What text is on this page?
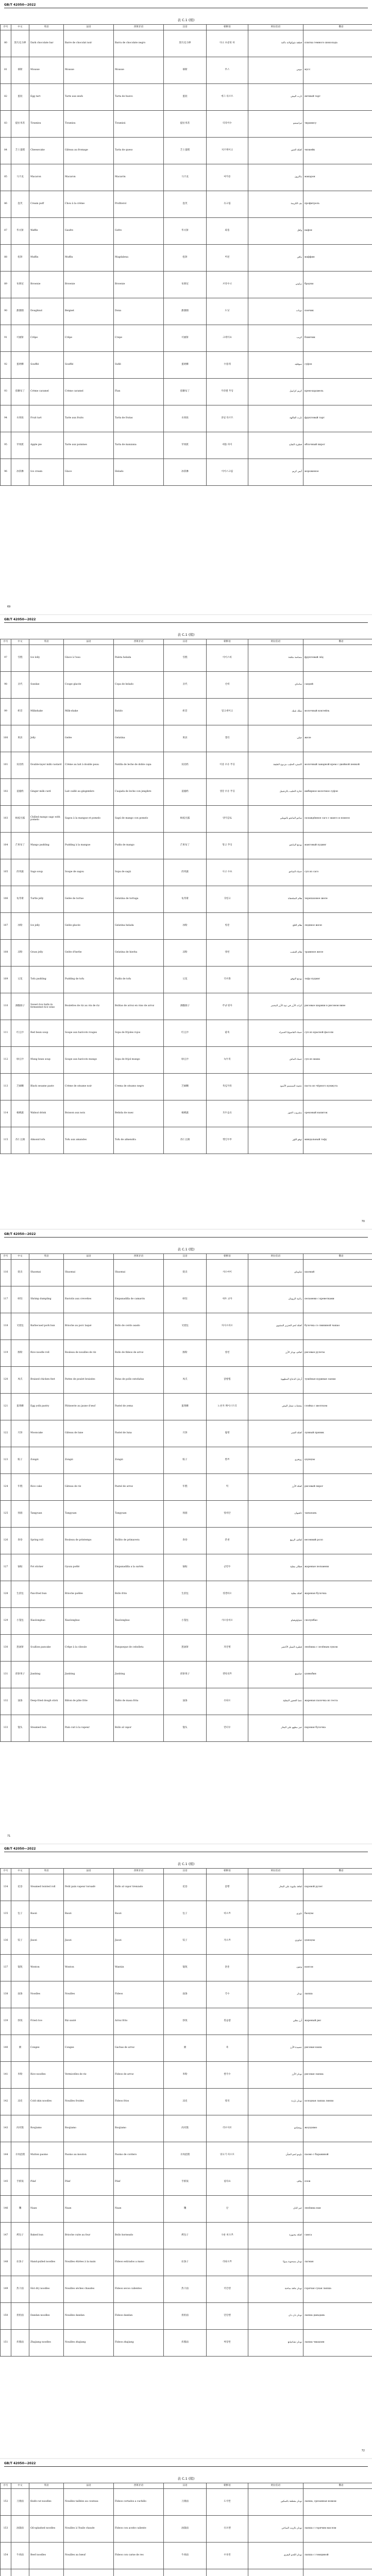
GB/T 42050—2022
表 C.1 (续)
序号	中文	英语	法语	西班牙语	汉语	朝鲜语	阿拉伯语	俄语
80	黑巧克力棒	Dark chocolate bar	Barre de chocolat noir	Barra de chocolate negro	黑巧克力棒	다크 초콜릿 바	قطعة شوكولاتة داكنة	плитка темного шоколада
81	慕斯	Mousse	Mousse	Mousse	慕斯	무스	موس	мусс
82	蛋挞	Egg tart	Tarte aux œufs	Tarta de huevo	蛋挞	에그 타르트	تارت البيض	яичный тарт
83	提拉米苏	Tiramisu	Tiramisu	Tiramisú	提拉米苏	티라미수	تيراميسو	тирамису
84	芝士蛋糕	Cheesecake	Gâteau au fromage	Tarta de queso	芝士蛋糕	치즈케이크	كعكة الجبن	чизкейк
85	马卡龙	Macaron	Macaron	Macarón	马卡龙	마카롱	ماكرون	макарон
86	泡芙	Cream puff	Chou à la crème	Profiterol	泡芙	슈크림	بف الكريمة	профитроль
87	华夫饼	Waffle	Gaufre	Gofre	华夫饼	와플	وافل	вафля
88	松饼	Muffin	Muffin	Magdalena	松饼	머핀	مافن	маффин
89	布朗尼	Brownie	Brownie	Brownie	布朗尼	브라우니	براوني	брауни
90	甜甜圈	Doughnut	Beignet	Dona	甜甜圈	도넛	دونات	пончик
91	可丽饼	Crêpe	Crêpe	Crepe	可丽饼	크레이프	كريب	блинчик
92	蛋奶酥	Soufflé	Soufflé	Suflé	蛋奶酥	수플레	سوفليه	суфле
93	焦糖布丁	Crème caramel	Crème caramel	Flan	焦糖布丁	카라멜 푸딩	كريم كراميل	крем-карамель
94	水果挞	Fruit tart	Tarte aux fruits	Tarta de frutas	水果挞	과일 타르트	تارت الفاكهة	фруктовый тарт
95	苹果派	Apple pie	Tarte aux pommes	Tarta de manzana	苹果派	애플 파이	فطيرة التفاح	яблочный пирог
96	冰淇淋	Ice cream	Glace	Helado	冰淇淋	아이스크림	آيس كريم	мороженое
69
GB/T 42050—2022
表 C.1 (续)
序号	中文	英语	法语	西班牙语	汉语	朝鲜语	阿拉伯语	俄语
97	雪糕	Ice lolly	Glace à l'eau	Paleta helada	雪糕	아이스바	مصاصة مثلجة	фруктовый лёд
98	圣代	Sundae	Coupe glacée	Copa de helado	圣代	선데	سانداي	сандей
99	奶昔	Milkshake	Milk-shake	Batido	奶昔	밀크셰이크	ميلك شيك	молочный коктейль
100	果冻	Jelly	Gelée	Gelatina	果冻	젤리	جيلي	желе
101	双皮奶	Double-layer milk custard	Crème au lait à double peau	Natilla de leche de doble capa	双皮奶	이중 우유 푸딩	كاسترد الحليب مزدوج الطبقة	молочный заварной крем с двойной пенкой
102	姜撞奶	Ginger milk curd	Lait caillé au gingembre	Cuajada de leche con jengibre	姜撞奶	생강 우유 푸딩	خثارة الحليب بالزنجبيل	имбирное молочное суфле
103	杨枝甘露	Chilled mango sago with pomelo	Sagou à la mangue et pomelo	Sagú de mango con pomelo	杨枝甘露	양지감로	ساجو المانجو بالبوملي	охлаждённое саго с манго и помело
104	芒果布丁	Mango pudding	Pudding à la mangue	Pudín de mango	芒果布丁	망고 푸딩	بودنغ المانجو	манговый пудинг
105	西米露	Sago soup	Soupe de sagou	Sopa de sagú	西米露	사고 수프	حساء الساجو	суп из саго
106	龟苓膏	Turtle jelly	Gelée de tortue	Gelatina de tortuga	龟苓膏	귀령고	هلام السلحفاة	черепаховое желе
107	冰粉	Ice jelly	Gelée glacée	Gelatina helada	冰粉	빙분	هلام الثلج	ледяное желе
108	凉粉	Grass jelly	Gelée d'herbe	Gelatina de hierba	凉粉	양펀	هلام العشب	травяное желе
109	豆花	Tofu pudding	Pudding de tofu	Pudín de tofu	豆花	더우화	بودنغ التوفو	тофу-пудинг
110	酒酿圆子	Sweet rice balls in fermented rice wine	Boulettes de riz au vin de riz	Bolitas de arroz en vino de arroz	酒酿圆子	주냥 원자	كرات الأرز في نبيذ الأرز المخمر	рисовые шарики в рисовом вине
111	红豆沙	Red bean soup	Soupe aux haricots rouges	Sopa de frijoles rojos	红豆沙	팥죽	حساء الفاصوليا الحمراء	суп из красной фасоли
112	绿豆沙	Mung bean soup	Soupe aux haricots mungo	Sopa de frijol mungo	绿豆沙	녹두죽	حساء الماش	суп из маша
113	芝麻糊	Black sesame paste	Crème de sésame noir	Crema de sésamo negro	芝麻糊	흑임자죽	عجينة السمسم الأسود	паста из чёрного кунжута
114	核桃露	Walnut drink	Boisson aux noix	Bebida de nuez	核桃露	호두음료	مشروب الجوز	ореховый напиток
115	杏仁豆腐	Almond tofu	Tofu aux amandes	Tofu de almendra	杏仁豆腐	행인두부	توفو اللوز	миндальный тофу
70
GB/T 42050—2022
表 C.1 (续)
序号	中文	英语	法语	西班牙语	汉语	朝鲜语	阿拉伯语	俄语
116	烧卖	Shaomai	Shaomai	Shaomai	烧卖	샤오마이	شاوماي	шаомай
117	虾饺	Shrimp dumpling	Raviolis aux crevettes	Empanadilla de camarón	虾饺	새우 교자	زلابية الروبيان	пельмени с креветками
118	叉烧包	Barbecued pork bun	Brioche au porc laqué	Bollo de cerdo asado	叉烧包	차사오바오	كعكة لحم الخنزير المشوي	булочка со свининой чашао
119	肠粉	Rice noodle roll	Rouleau de nouilles de riz	Rollo de fideos de arroz	肠粉	창펀	لفائف نودلز الأرز	рисовые рулеты
120	凤爪	Braised chicken feet	Pattes de poulet braisées	Patas de pollo estofadas	凤爪	닭발찜	أرجل الدجاج المطهوة	тушёные куриные лапки
121	蛋黄酥	Egg yolk pastry	Pâtisserie au jaune d'œuf	Pastel de yema	蛋黄酥	노른자 페이스트리	معجنات صفار البيض	слойка с желтком
122	月饼	Mooncake	Gâteau de lune	Pastel de luna	月饼	월병	كعكة القمر	лунный пряник
123	粽子	Zongzi	Zongzi	Zongzi	粽子	쫑쯔	زونغزي	цзунцзы
124	年糕	Rice cake	Gâteau de riz	Pastel de arroz	年糕	떡	كعكة الأرز	рисовый пирог
125	汤圆	Tangyuan	Tangyuan	Tangyuan	汤圆	탕위안	تانغيوان	танъюань
126	春卷	Spring roll	Rouleau de printemps	Rollito de primavera	春卷	춘권	لفائف الربيع	весенний ролл
127	锅贴	Pot sticker	Gyoza poêlé	Empanadilla a la sartén	锅贴	군만두	فطائر مقلية	жареные пельмени
128	生煎包	Pan-fried bun	Brioche poêlée	Bollo frito	生煎包	셩젠바오	كعكة مقلية	жареная булочка
129	小笼包	Xiaolongbao	Xiaolongbao	Xiaolongbao	小笼包	샤오롱바오	شياولونغباو	сяолунбао
130	葱油饼	Scallion pancake	Crêpe à la ciboule	Panqueque de cebolleta	葱油饼	파전병	فطيرة البصل الأخضر	лепёшка с зелёным луком
131	煎饼果子	Jianbing	Jianbing	Jianbing	煎饼果子	젠빙궈쯔	جيانبينغ	цзяньбин
132	油条	Deep-fried dough stick	Bâton de pâte frite	Palito de masa frita	油条	유탸오	عصا العجين المقلية	жареная палочка из теста
133	馒头	Steamed bun	Pain cuit à la vapeur	Bollo al vapor	馒头	만터우	خبز مطهو على البخار	паровая булочка
71
GB/T 42050—2022
表 C.1 (续)
序号	中文	英语	法语	西班牙语	汉语	朝鲜语	阿拉伯语	俄语
134	花卷	Steamed twisted roll	Petit pain vapeur torsadé	Rollo al vapor trenzado	花卷	꽃빵	لفافة ملتوية على البخار	паровой рулет
135	包子	Baozi	Baozi	Baozi	包子	바오쯔	باوزي	баоцзы
136	饺子	Jiaozi	Jiaozi	Jiaozi	饺子	자오쯔	جياوزي	цзяоцзы
137	馄饨	Wonton	Wonton	Wantán	馄饨	훈툰	ونتون	вонтон
138	面条	Noodles	Nouilles	Fideos	面条	국수	نودلز	лапша
139	炒饭	Fried rice	Riz sauté	Arroz frito	炒饭	볶음밥	أرز مقلي	жареный рис
140	粥	Congee	Congee	Gachas de arroz	粥	죽	عصيدة الأرز	рисовая каша
141	米粉	Rice noodles	Vermicelles de riz	Fideos de arroz	米粉	쌀국수	نودلز الأرز	рисовая лапша
142	凉皮	Cold skin noodles	Nouilles froides	Fideos fríos	凉皮	량피	نودلز باردة	холодная лапша лянпи
143	肉夹馍	Roujiamo	Roujiamo	Roujiamo	肉夹馍	러우자모	روجيامو	жоуцзямо
144	羊肉泡馍	Mutton paomo	Paomo au mouton	Paomo de cordero	羊肉泡馍	양고기 파오모	باومو لحم الضأن	паомо с бараниной
145	手抓饭	Pilaf	Pilaf	Pilaf	手抓饭	필라프	بيلاف	плов
146	馕	Naan	Naan	Naan	馕	난	خبز النان	лепёшка нан
147	烤包子	Baked bun	Brioche cuite au four	Bollo horneado	烤包子	구운 바오쯔	كعكة مخبوزة	самса
148	拉条子	Hand-pulled noodles	Nouilles étirées à la main	Fideos estirados a mano	拉条子	라탸오쯔	نودلز مسحوبة يدويًا	лагман
149	热干面	Hot dry noodles	Nouilles sèches chaudes	Fideos secos calientes	热干面	러간멘	نودلز جافة ساخنة	горячая сухая лапша
150	担担面	Dandan noodles	Nouilles dandan	Fideos dandan	担担面	단단몐	نودلز دان دان	лапша даньдань
151	炸酱面	Zhajiang noodles	Nouilles zhajiang	Fideos zhajiang	炸酱面	짜장면	نودلز تشاجيانغ	лапша чжацзян
72
GB/T 42050—2022
表 C.1 (续)
序号	中文	英语	法语	西班牙语	汉语	朝鲜语	阿拉伯语	俄语
152	刀削面	Knife-cut noodles	Nouilles taillées au couteau	Fideos cortados a cuchillo	刀削面	도삭면	نودلز مقطعة بالسكين	лапша, срезанная ножом
153	油泼面	Oil-splashed noodles	Nouilles à l'huile chaude	Fideos con aceite caliente	油泼面	유포몐	نودلز بالزيت الساخن	лапша с горячим маслом
154	牛肉面	Beef noodles	Nouilles au bœuf	Fideos con carne de res	牛肉面	우육면	نودلز اللحم البقري	лапша с говядиной
